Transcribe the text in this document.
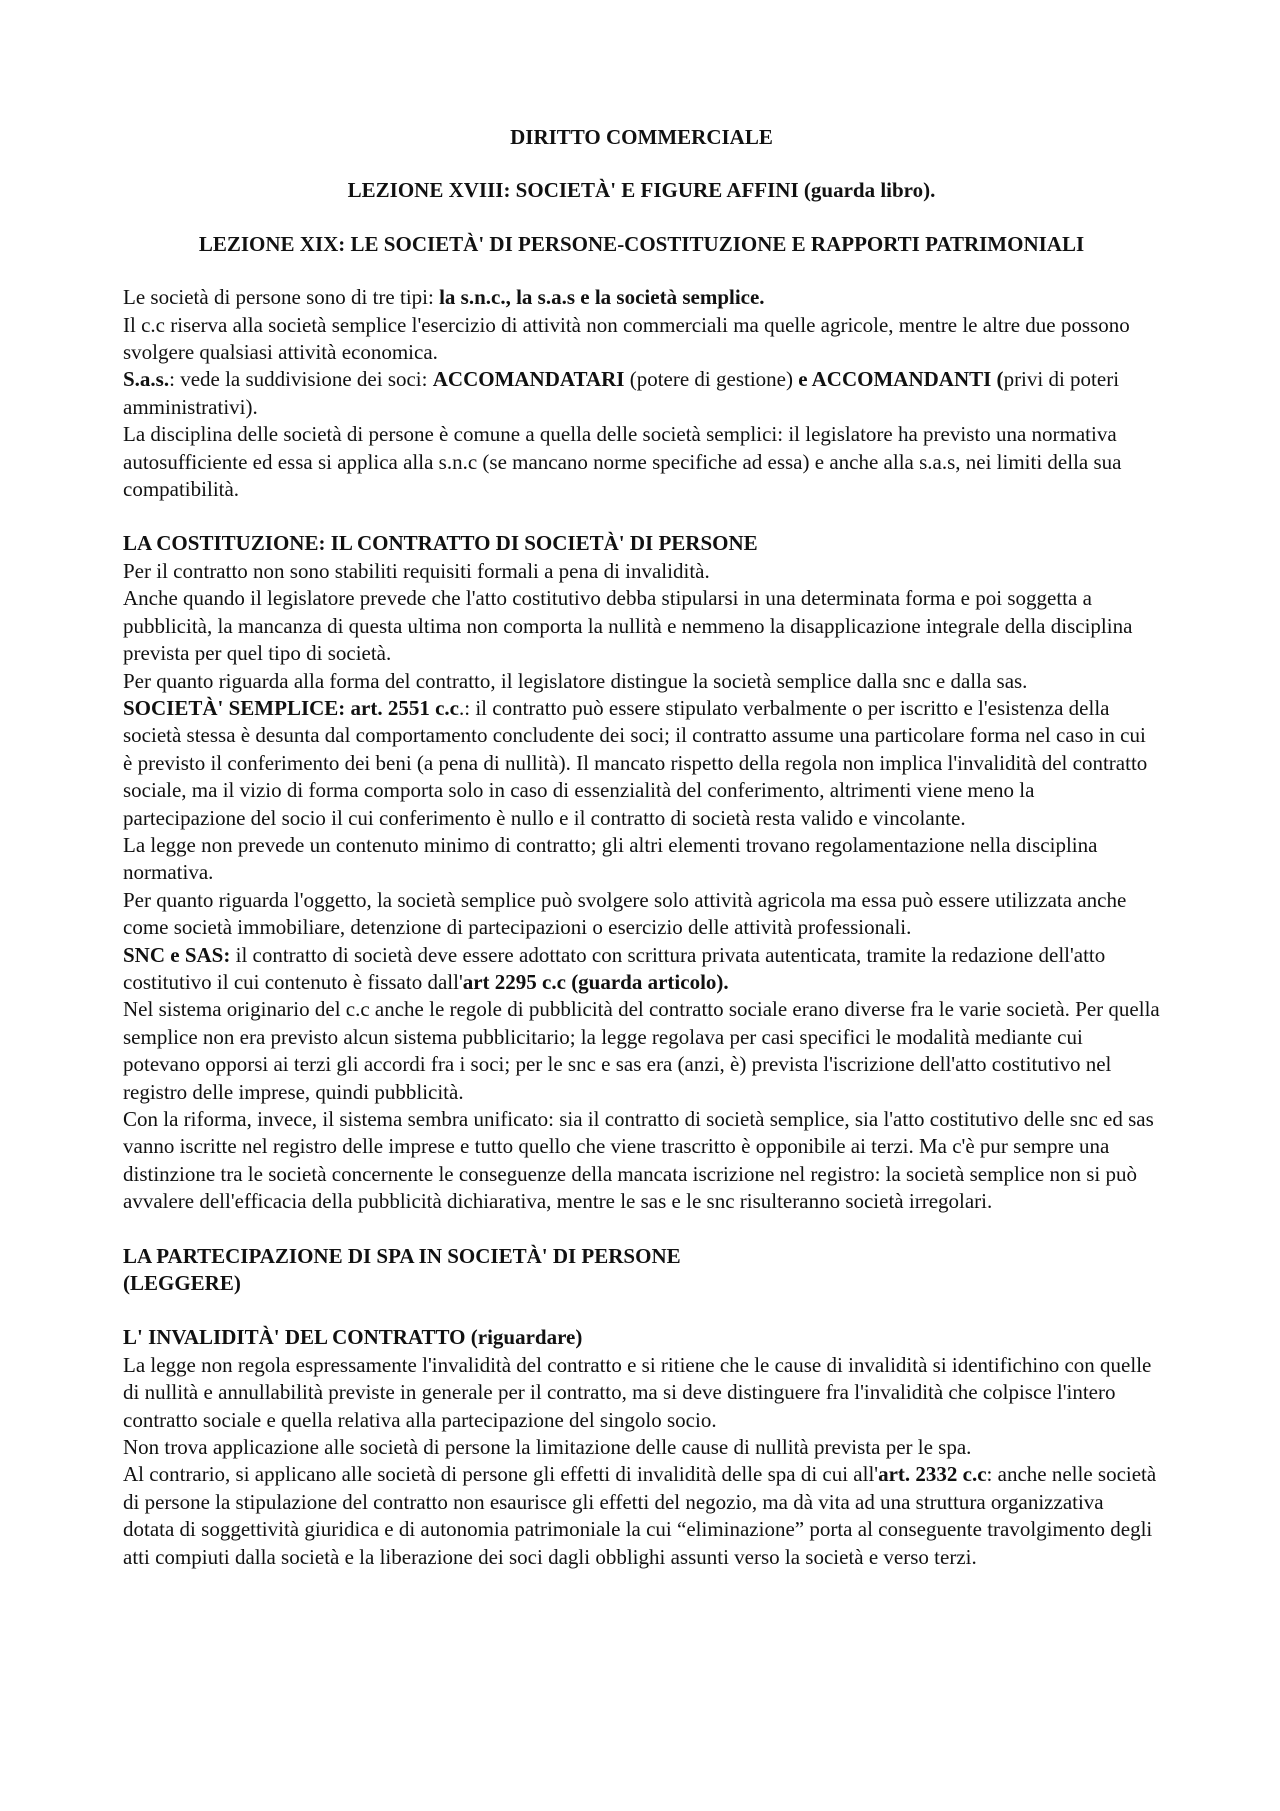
DIRITTO COMMERCIALE
LEZIONE XVIII: SOCIETÀ' E FIGURE AFFINI (guarda libro).
LEZIONE XIX: LE SOCIETÀ' DI PERSONE-COSTITUZIONE E RAPPORTI PATRIMONIALI

Le società di persone sono di tre tipi: la s.n.c., la s.a.s e la società semplice.

Il c.c riserva alla società semplice l'esercizio di attività non commerciali ma quelle agricole, mentre le altre due possono svolgere qualsiasi attività economica.

S.a.s.: vede la suddivisione dei soci: ACCOMANDATARI (potere di gestione) e ACCOMANDANTI (privi di poteri amministrativi).

La disciplina delle società di persone è comune a quella delle società semplici: il legislatore ha previsto una normativa autosufficiente ed essa si applica alla s.n.c (se mancano norme specifiche ad essa) e anche alla s.a.s, nei limiti della sua compatibilità.

LA COSTITUZIONE: IL CONTRATTO DI SOCIETÀ' DI PERSONE

Per il contratto non sono stabiliti requisiti formali a pena di invalidità.

Anche quando il legislatore prevede che l'atto costitutivo debba stipularsi in una determinata forma e poi soggetta a pubblicità, la mancanza di questa ultima non comporta la nullità e nemmeno la disapplicazione integrale della disciplina prevista per quel tipo di società.

Per quanto riguarda alla forma del contratto, il legislatore distingue la società semplice dalla snc e dalla sas.

SOCIETÀ' SEMPLICE: art. 2551 c.c.: il contratto può essere stipulato verbalmente o per iscritto e l'esistenza della società stessa è desunta dal comportamento concludente dei soci; il contratto assume una particolare forma nel caso in cui è previsto il conferimento dei beni (a pena di nullità). Il mancato rispetto della regola non implica l'invalidità del contratto sociale, ma il vizio di forma comporta solo in caso di essenzialità del conferimento, altrimenti viene meno la partecipazione del socio il cui conferimento è nullo e il contratto di società resta valido e vincolante.

La legge non prevede un contenuto minimo di contratto; gli altri elementi trovano regolamentazione nella disciplina normativa.

Per quanto riguarda l'oggetto, la società semplice può svolgere solo attività agricola ma essa può essere utilizzata anche come società immobiliare, detenzione di partecipazioni o esercizio delle attività professionali.

SNC e SAS: il contratto di società deve essere adottato con scrittura privata autenticata, tramite la redazione dell'atto costitutivo il cui contenuto è fissato dall'art 2295 c.c (guarda articolo).

Nel sistema originario del c.c anche le regole di pubblicità del contratto sociale erano diverse fra le varie società. Per quella semplice non era previsto alcun sistema pubblicitario; la legge regolava per casi specifici le modalità mediante cui potevano opporsi ai terzi gli accordi fra i soci; per le snc e sas era (anzi, è) prevista l'iscrizione dell'atto costitutivo nel registro delle imprese, quindi pubblicità.

Con la riforma, invece, il sistema sembra unificato: sia il contratto di società semplice, sia l'atto costitutivo delle snc ed sas vanno iscritte nel registro delle imprese e tutto quello che viene trascritto è opponibile ai terzi. Ma c'è pur sempre una distinzione tra le società concernente le conseguenze della mancata iscrizione nel registro: la società semplice non si può avvalere dell'efficacia della pubblicità dichiarativa, mentre le sas e le snc risulteranno società irregolari.

LA PARTECIPAZIONE DI SPA IN SOCIETÀ' DI PERSONE

(LEGGERE)

L' INVALIDITÀ' DEL CONTRATTO (riguardare)

La legge non regola espressamente l'invalidità del contratto e si ritiene che le cause di invalidità si identifichino con quelle di nullità e annullabilità previste in generale per il contratto, ma si deve distinguere fra l'invalidità che colpisce l'intero contratto sociale e quella relativa alla partecipazione del singolo socio.

Non trova applicazione alle società di persone la limitazione delle cause di nullità prevista per le spa.

Al contrario, si applicano alle società di persone gli effetti di invalidità delle spa di cui all'art. 2332 c.c: anche nelle società di persone la stipulazione del contratto non esaurisce gli effetti del negozio, ma dà vita ad una struttura organizzativa dotata di soggettività giuridica e di autonomia patrimoniale la cui “eliminazione” porta al conseguente travolgimento degli atti compiuti dalla società e la liberazione dei soci dagli obblighi assunti verso la società e verso terzi.
